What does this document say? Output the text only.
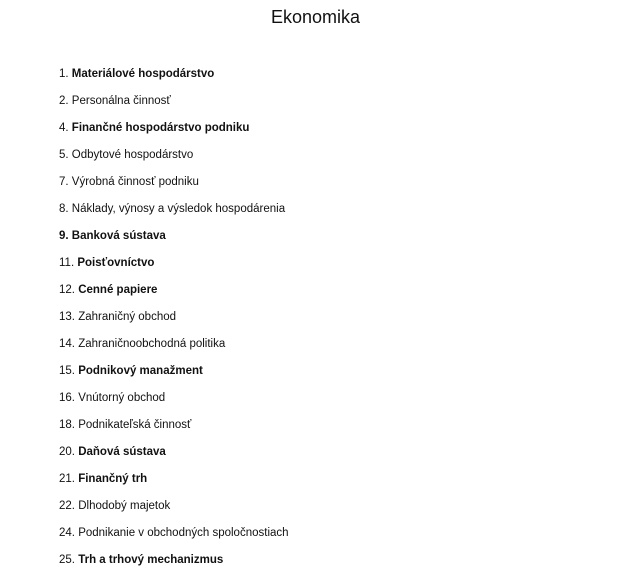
Ekonomika
1. Materiálové hospodárstvo
2. Personálna činnosť
4. Finančné hospodárstvo podniku
5. Odbytové hospodárstvo
7. Výrobná činnosť podniku
8. Náklady, výnosy a výsledok hospodárenia
9. Banková sústava
11. Poisťovníctvo
12. Cenné papiere
13. Zahraničný obchod
14. Zahraničnoobchodná politika
15. Podnikový manažment
16. Vnútorný obchod
18. Podnikateľská činnosť
20. Daňová sústava
21. Finančný trh
22. Dlhodobý majetok
24. Podnikanie v obchodných spoločnostiach
25. Trh a trhový mechanizmus
